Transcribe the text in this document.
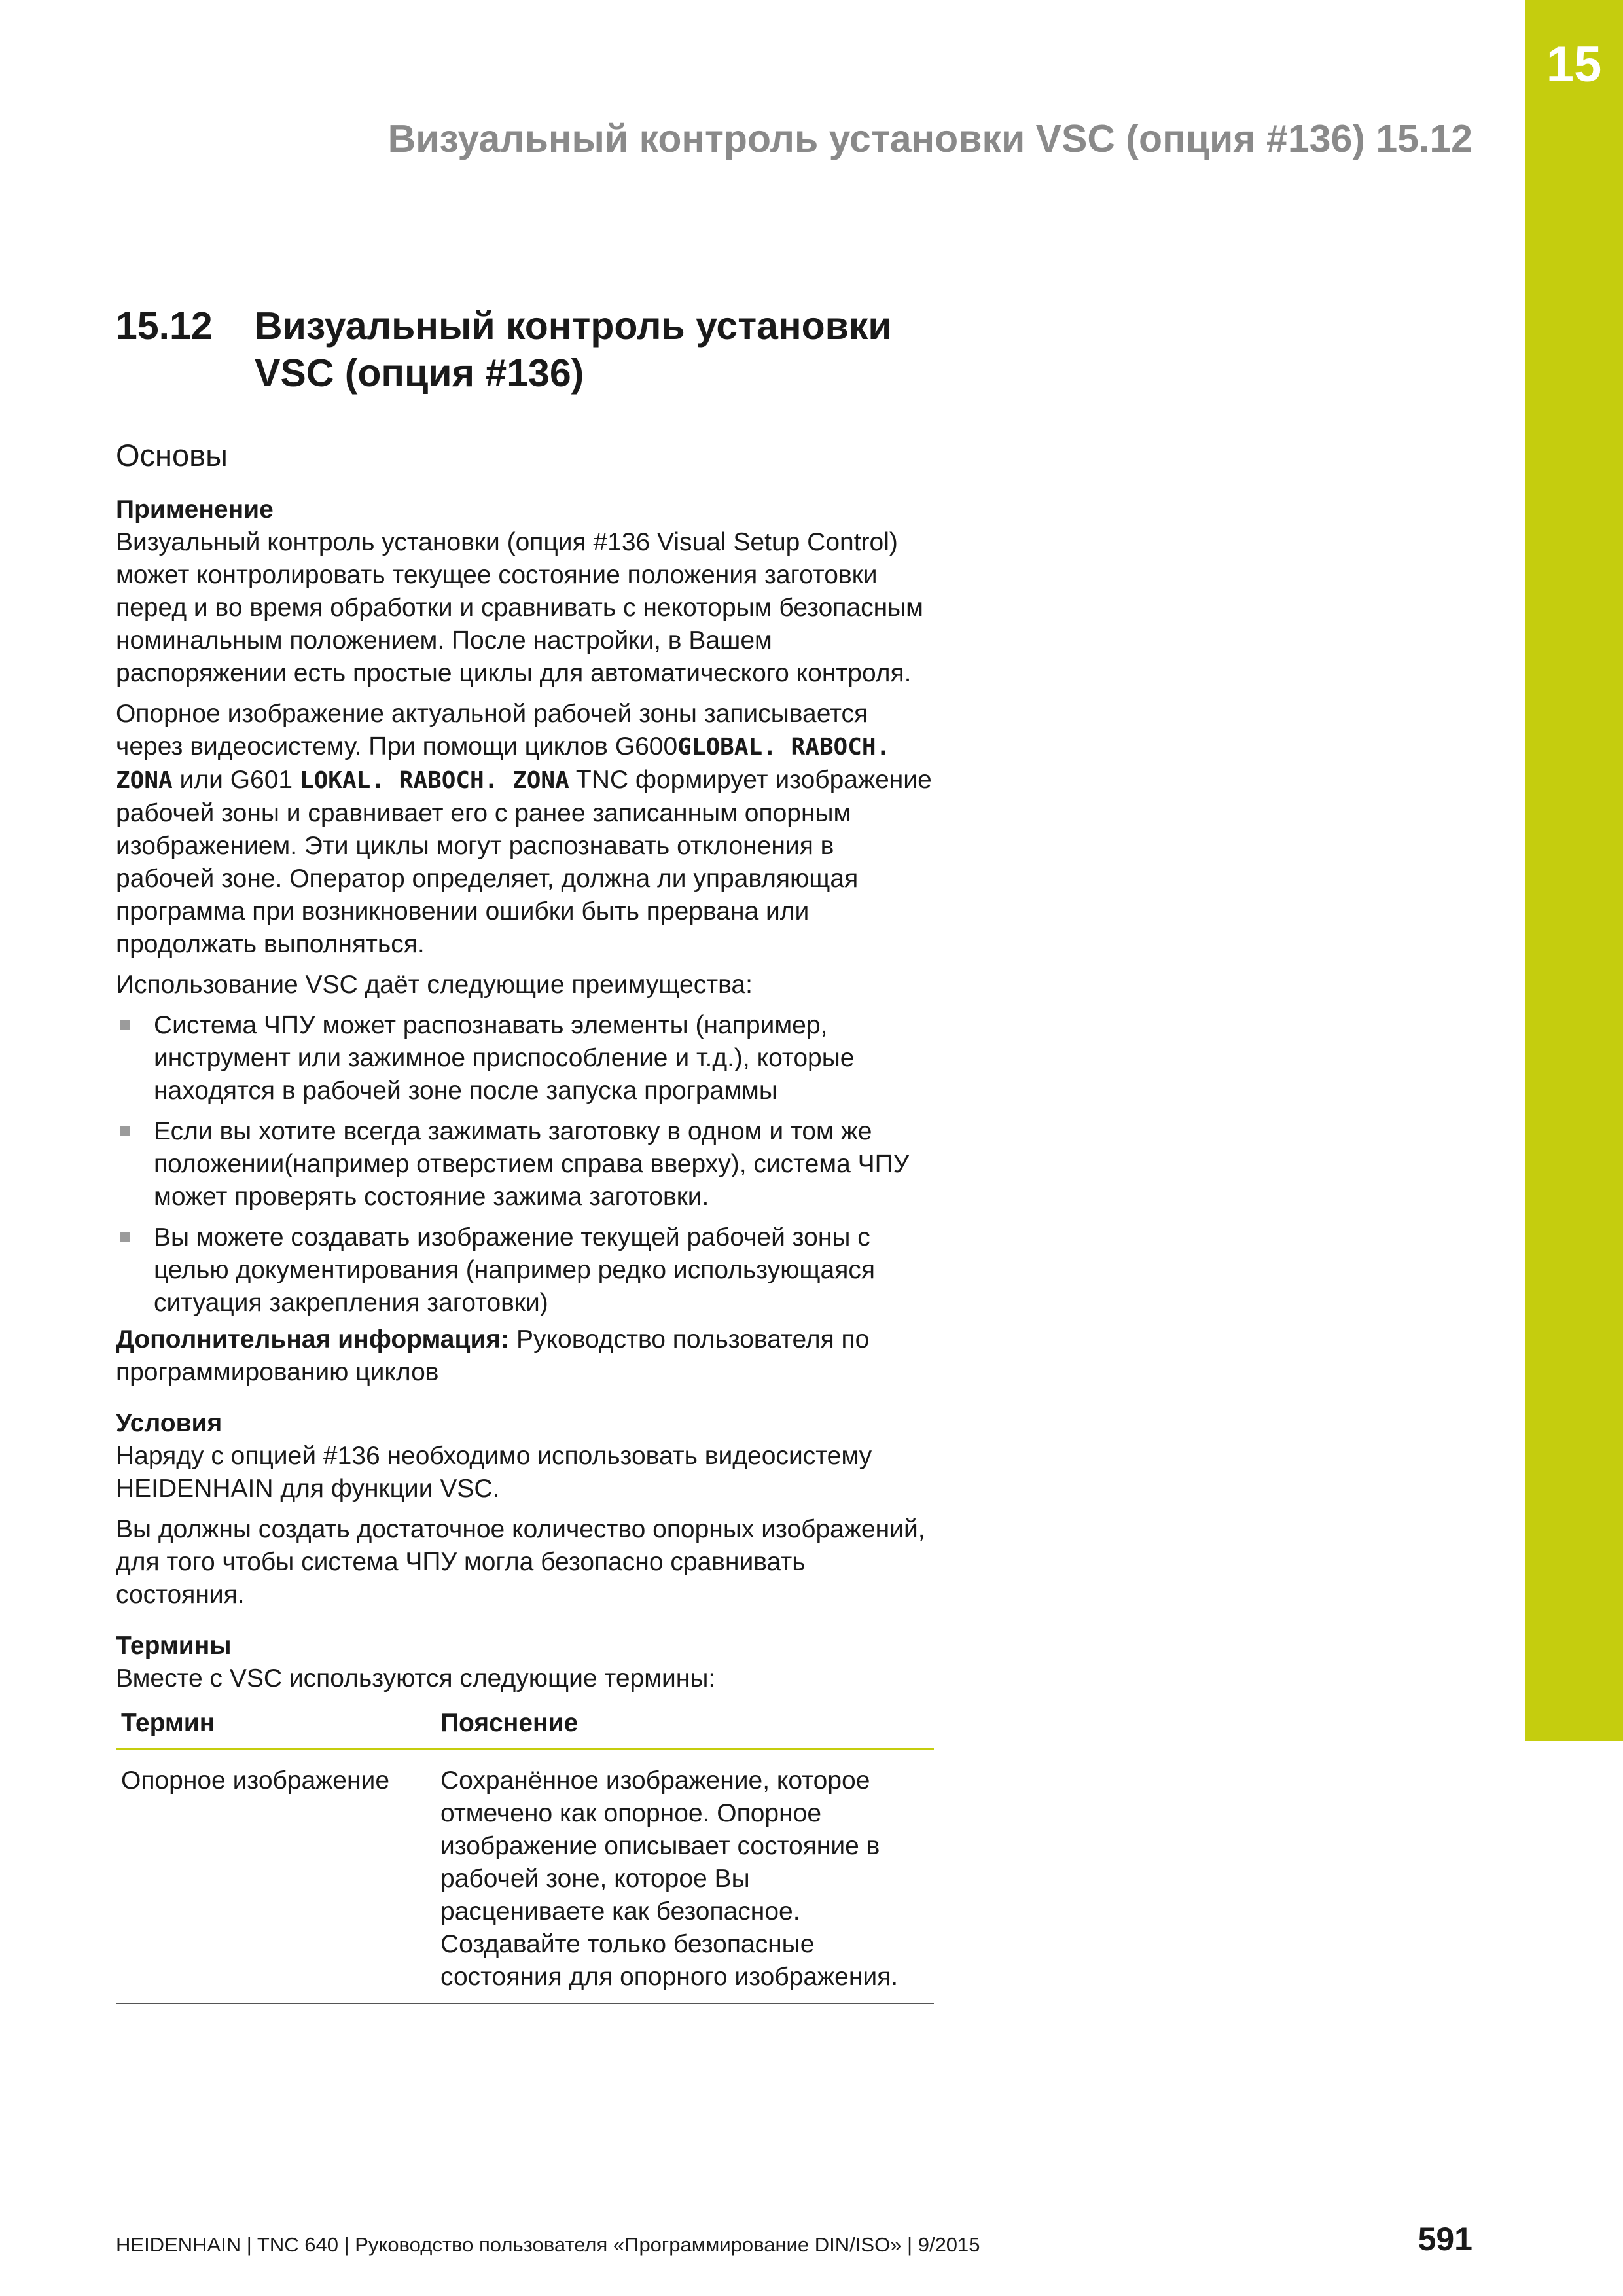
15
Визуальный контроль установки VSC (опция #136) 15.12
15.12	Визуальный контроль установки
VSC (опция #136)
Основы
Применение

Визуальный контроль установки (опция #136 Visual Setup Control) может контролировать текущее состояние положения заготовки перед и во время обработки и сравнивать с некоторым безопасным номинальным положением. После настройки, в Вашем распоряжении есть простые циклы для автоматического контроля.

Опорное изображение актуальной рабочей зоны записывается через видеосистему. При помощи циклов G600GLOBAL. RABOCH. ZONA или G601 LOKAL. RABOCH. ZONA TNC формирует изображение рабочей зоны и сравнивает его с ранее записанным опорным изображением. Эти циклы могут распознавать отклонения в рабочей зоне. Оператор определяет, должна ли управляющая программа при возникновении ошибки быть прервана или продолжать выполняться.

Использование VSC даёт следующие преимущества:

Система ЧПУ может распознавать элементы (например, инструмент или зажимное приспособление и т.д.), которые находятся в рабочей зоне после запуска программы
Если вы хотите всегда зажимать заготовку в одном и том же положении(например отверстием справа вверху), система ЧПУ может проверять состояние зажима заготовки.
Вы можете создавать изображение текущей рабочей зоны с целью документирования (например редко использующаяся ситуация закрепления заготовки)

Дополнительная информация: Руководство пользователя по программированию циклов

Условия

Наряду с опцией #136 необходимо использовать видеосистему HEIDENHAIN для функции VSC.

Вы должны создать достаточное количество опорных изображений, для того чтобы система ЧПУ могла безопасно сравнивать состояния.

Термины

Вместе с VSC используются следующие термины:

Термин	Пояснение
Опорное изображение	Сохранённое изображение, которое отмечено как опорное. Опорное изображение описывает состояние в рабочей зоне, которое Вы расцениваете как безопасное. Создавайте только безопасные состояния для опорного изображения.
HEIDENHAIN | TNC 640 | Руководство пользователя «Программирование DIN/ISO» | 9/2015	591
